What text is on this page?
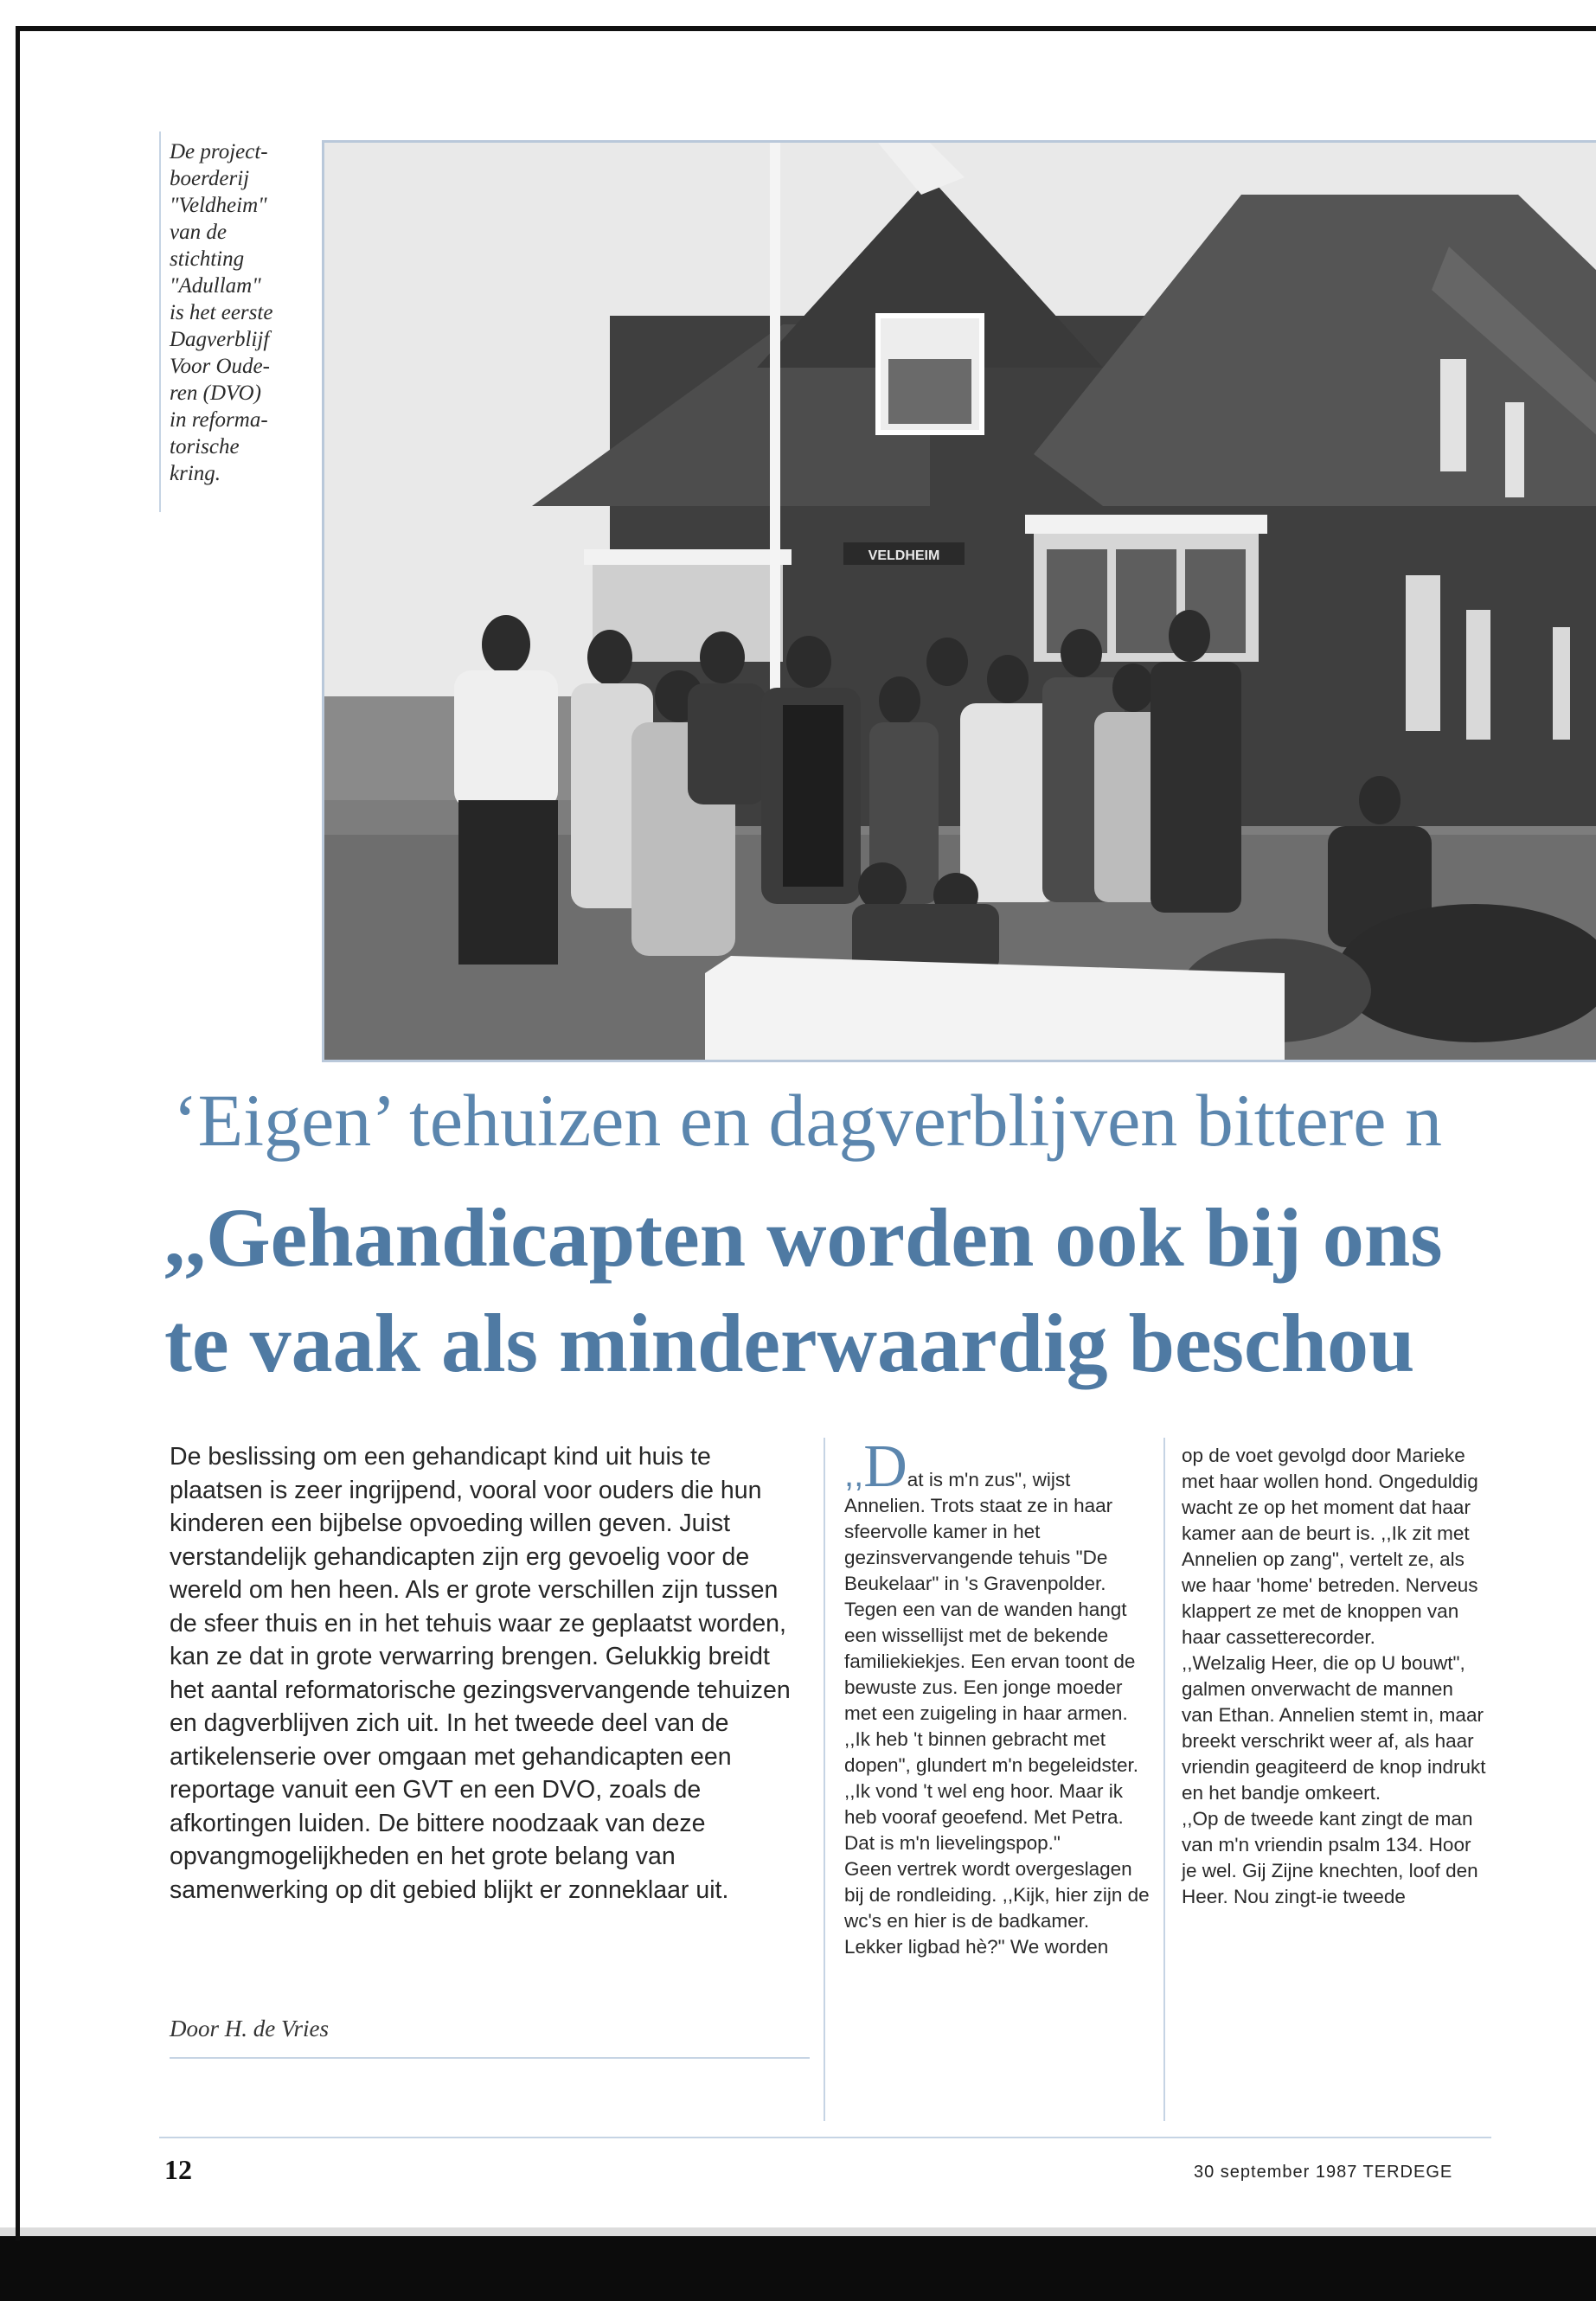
De project-
boerderij
"Veldheim"
van de
stichting
"Adullam"
is het eerste
Dagverblijf
Voor Oude-
ren (DVO)
in reforma-
torische
kring.
VELDHEIM
‘Eigen’ tehuizen en dagverblijven bittere n
,,Gehandicapten worden ook bij ons
te vaak als minderwaardig beschou
De beslissing om een gehandicapt kind uit huis te plaatsen is zeer ingrijpend, vooral voor ouders die hun kinderen een bijbelse opvoeding willen geven. Juist verstandelijk gehandicapten zijn erg gevoelig voor de wereld om hen heen. Als er grote verschillen zijn tussen de sfeer thuis en in het tehuis waar ze geplaatst worden, kan ze dat in grote verwarring brengen. Gelukkig breidt het aantal reformatorische gezingsvervangende tehuizen en dagverblijven zich uit. In het tweede deel van de artikelenserie over omgaan met gehandicapten een reportage vanuit een GVT en een DVO, zoals de afkortingen luiden. De bittere noodzaak van deze opvangmogelijkheden en het grote belang van samenwerking op dit gebied blijkt er zonneklaar uit.
Door H. de Vries
,,Dat is m'n zus", wijst Annelien. Trots staat ze in haar sfeervolle kamer in het gezinsvervangende tehuis "De Beukelaar" in 's Gravenpolder. Tegen een van de wanden hangt een wissellijst met de bekende familiekiekjes. Een ervan toont de bewuste zus. Een jonge moeder met een zuigeling in haar armen. ,,Ik heb 't binnen gebracht met dopen", glundert m'n begeleidster. ,,Ik vond 't wel eng hoor. Maar ik heb vooraf geoefend. Met Petra. Dat is m'n lievelingspop."
Geen vertrek wordt overgeslagen bij de rondleiding. ,,Kijk, hier zijn de wc's en hier is de badkamer. Lekker ligbad hè?" We worden
op de voet gevolgd door Marieke met haar wollen hond. Ongeduldig wacht ze op het moment dat haar kamer aan de beurt is. ,,Ik zit met Annelien op zang", vertelt ze, als we haar 'home' betreden. Nerveus klappert ze met de knoppen van haar cassetterecorder.
,,Welzalig Heer, die op U bouwt", galmen onverwacht de mannen van Ethan. Annelien stemt in, maar breekt verschrikt weer af, als haar vriendin geagiteerd de knop indrukt en het bandje omkeert.
,,Op de tweede kant zingt de man van m'n vriendin psalm 134. Hoor je wel. Gij Zijne knechten, loof den Heer. Nou zingt-ie tweede
12	30 september 1987 TERDEGE
